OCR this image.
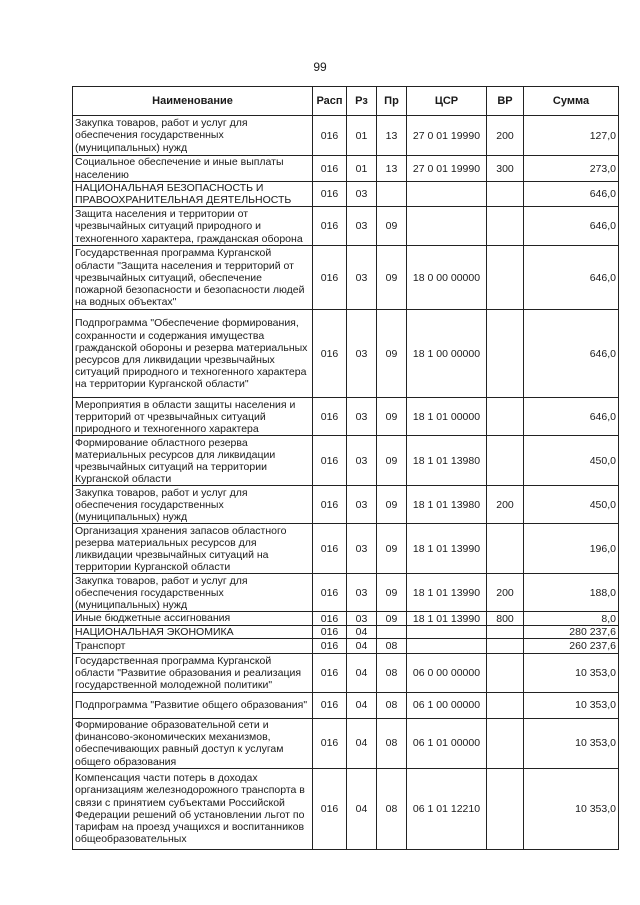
99
Наименование	Расп	Рз	Пр	ЦСР	ВР	Сумма
Закупка товаров, работ и услуг для обеспечения государственных (муниципальных) нужд	016	01	13	27 0 01 19990	200	127,0
Социальное обеспечение и иные выплаты населению	016	01	13	27 0 01 19990	300	273,0
НАЦИОНАЛЬНАЯ БЕЗОПАСНОСТЬ И ПРАВООХРАНИТЕЛЬНАЯ ДЕЯТЕЛЬНОСТЬ	016	03				646,0
Защита населения и территории от чрезвычайных ситуаций природного и техногенного характера, гражданская оборона	016	03	09			646,0
Государственная программа Курганской области "Защита населения и территорий от чрезвычайных ситуаций, обеспечение пожарной безопасности и безопасности людей на водных объектах"	016	03	09	18 0 00 00000		646,0
Подпрограмма "Обеспечение формирования, сохранности и содержания имущества гражданской обороны и резерва материальных ресурсов для ликвидации чрезвычайных ситуаций природного и техногенного характера на территории Курганской области"	016	03	09	18 1 00 00000		646,0
Мероприятия в области защиты населения и территорий от чрезвычайных ситуаций природного и техногенного характера	016	03	09	18 1 01 00000		646,0
Формирование областного резерва материальных ресурсов для ликвидации чрезвычайных ситуаций на территории Курганской области	016	03	09	18 1 01 13980		450,0
Закупка товаров, работ и услуг для обеспечения государственных (муниципальных) нужд	016	03	09	18 1 01 13980	200	450,0
Организация хранения запасов областного резерва материальных ресурсов для ликвидации чрезвычайных ситуаций на территории Курганской области	016	03	09	18 1 01 13990		196,0
Закупка товаров, работ и услуг для обеспечения государственных (муниципальных) нужд	016	03	09	18 1 01 13990	200	188,0
Иные бюджетные ассигнования	016	03	09	18 1 01 13990	800	8,0
НАЦИОНАЛЬНАЯ ЭКОНОМИКА	016	04				280 237,6
Транспорт	016	04	08			260 237,6
Государственная программа Курганской области "Развитие образования и реализация государственной молодежной политики"	016	04	08	06 0 00 00000		10 353,0
Подпрограмма "Развитие общего образования"	016	04	08	06 1 00 00000		10 353,0
Формирование образовательной сети и финансово-экономических механизмов, обеспечивающих равный доступ к услугам общего образования	016	04	08	06 1 01 00000		10 353,0
Компенсация части потерь в доходах организациям железнодорожного транспорта в связи с принятием субъектами Российской Федерации решений об установлении льгот по тарифам на проезд учащихся и воспитанников общеобразовательных	016	04	08	06 1 01 12210		10 353,0
